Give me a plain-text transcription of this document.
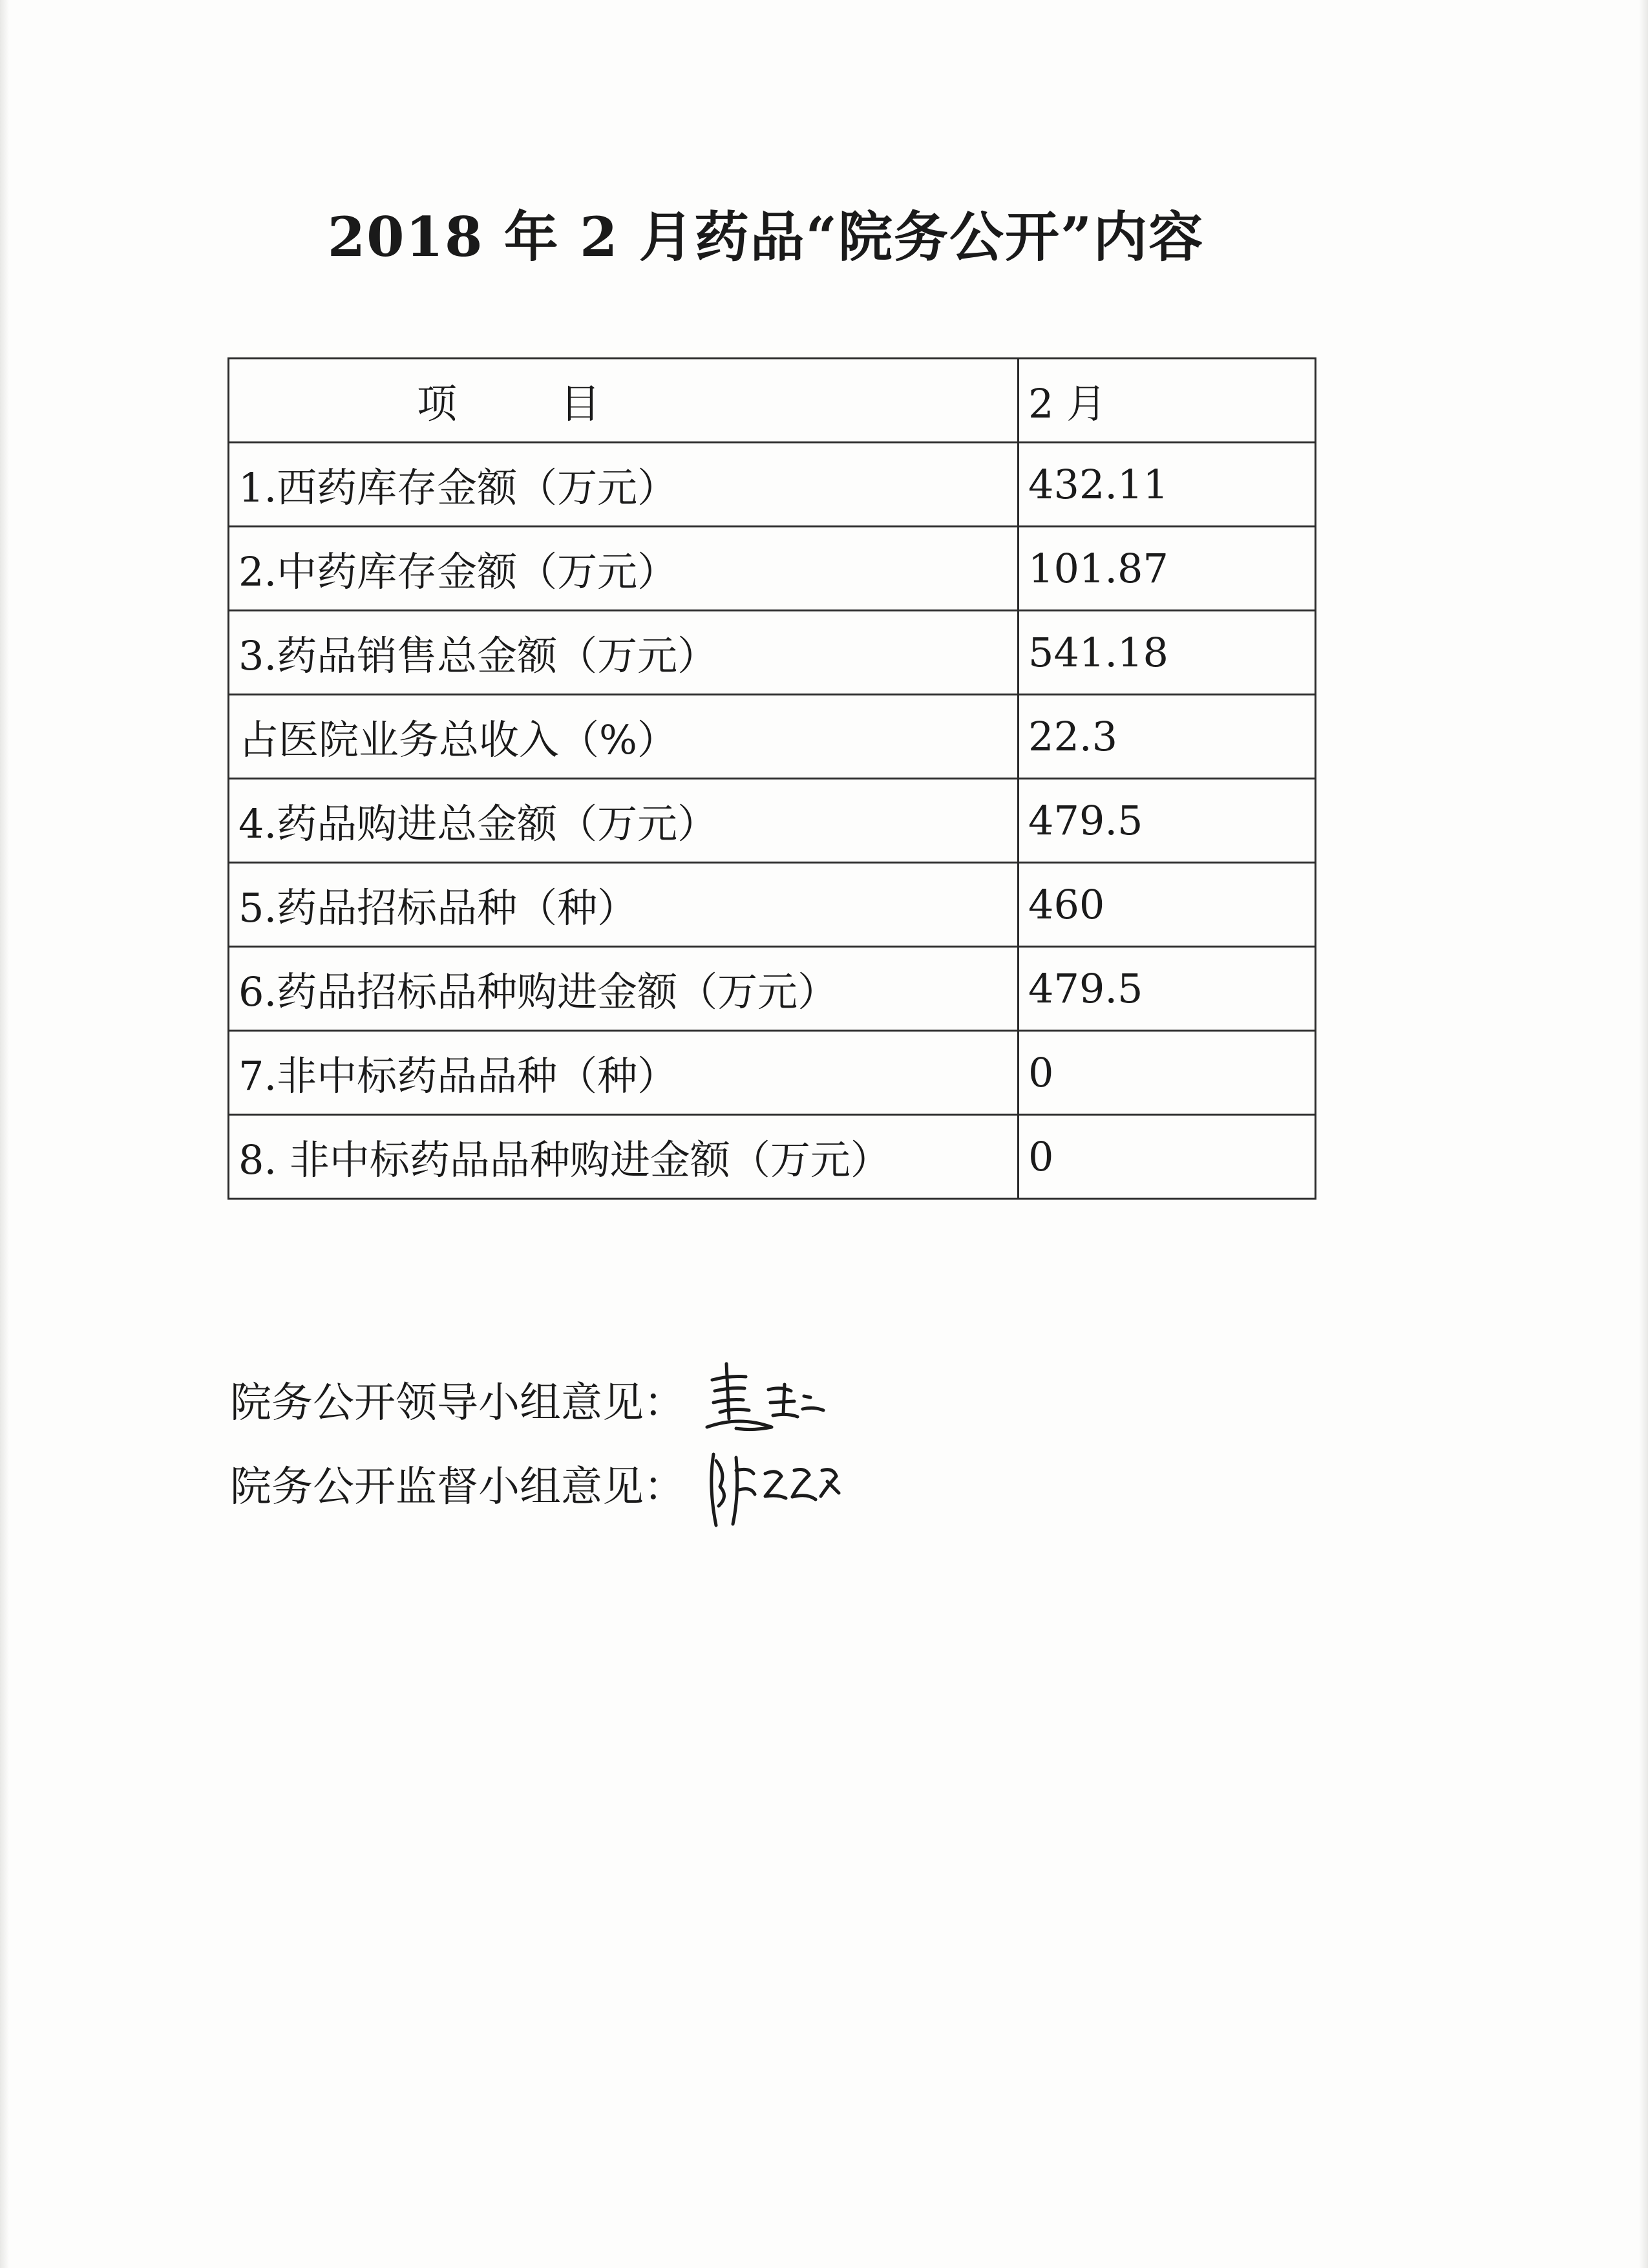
2018 年 2 月药品“院务公开”内容
项 目	2 月
1.西药库存金额（万元）	432.11
2.中药库存金额（万元）	101.87
3.药品销售总金额（万元）	541.18
占医院业务总收入（%）	22.3
4.药品购进总金额（万元）	479.5
5.药品招标品种（种）	460
6.药品招标品种购进金额（万元）	479.5
7.非中标药品品种（种）	0
8. 非中标药品品种购进金额（万元）	0
院务公开领导小组意见：
院务公开监督小组意见：
